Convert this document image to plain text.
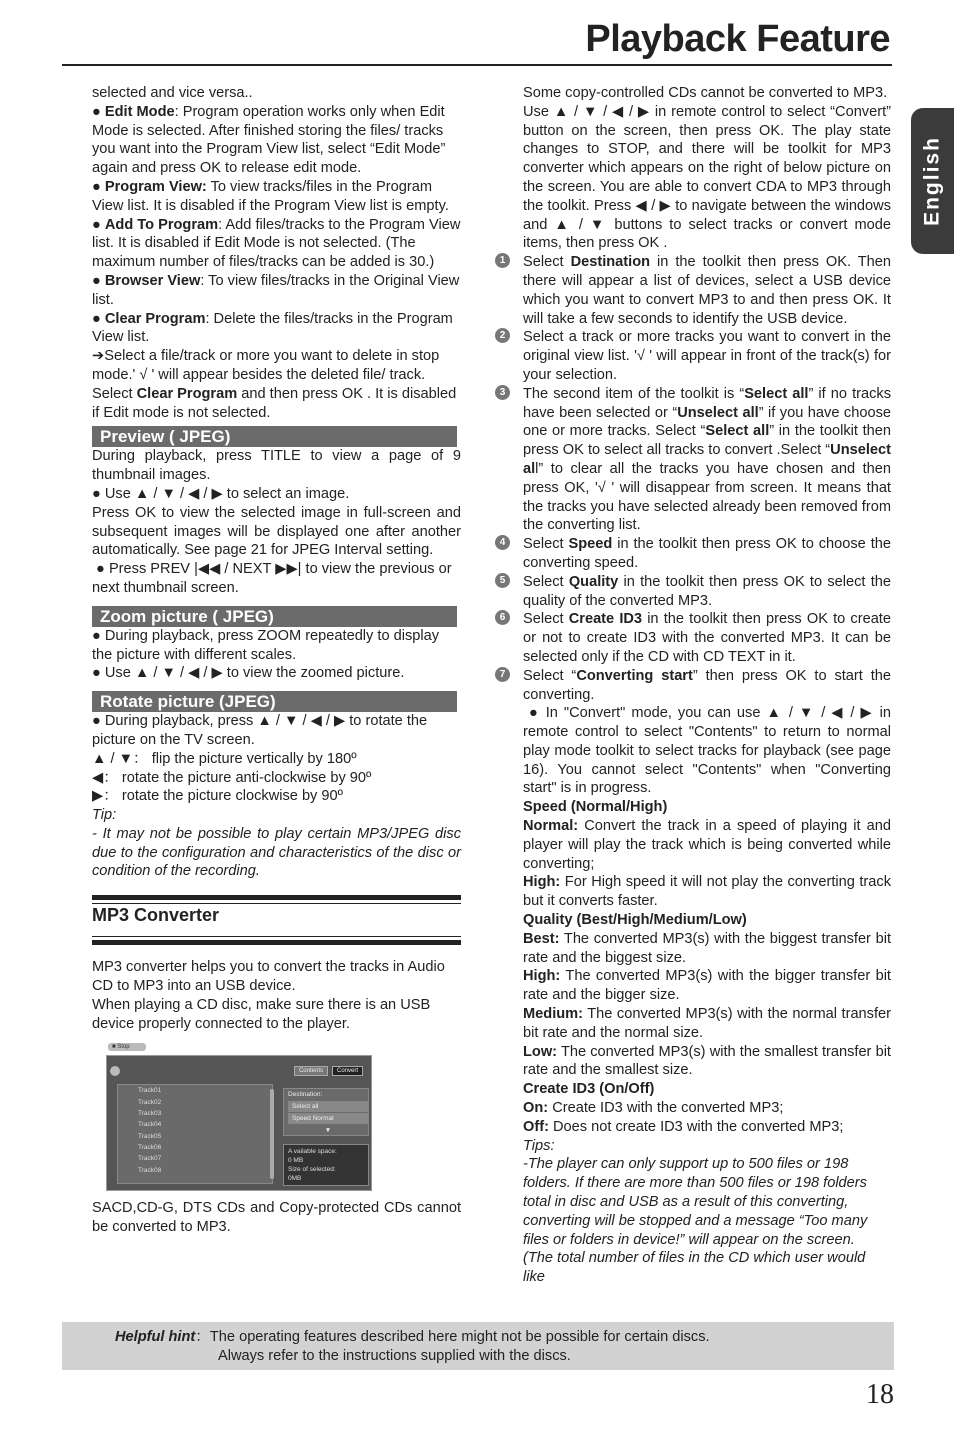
Playback Feature
English

selected and vice versa..

● Edit Mode: Program operation works only when Edit Mode is selected. After finished storing the files/ tracks you want into the Program View list, select “Edit Mode” again and press OK to release edit mode.

● Program View: To view tracks/files in the Program View list. It is disabled if the Program View list is empty.

● Add To Program: Add files/tracks to the Program View list. It is disabled if Edit Mode is not selected. (The maximum number of files/tracks can be added is 30.)

● Browser View: To view files/tracks in the Original View list.

● Clear Program: Delete the files/tracks in the Program View list.

➔Select a file/track or more you want to delete in stop mode.' √ ' will appear besides the deleted file/ track. Select Clear Program and then press OK . It is disabled if Edit mode is not selected.

Preview ( JPEG)

During playback, press TITLE to view a page of 9 thumbnail images.

● Use ▲ / ▼ / ◀ / ▶ to select an image.

Press OK to view the selected image in full-screen and subsequent images will be displayed one after another automatically. See page 21 for JPEG Interval setting.

● Press PREV |◀◀ / NEXT ▶▶| to view the previous or next thumbnail screen.

Zoom picture ( JPEG)

● During playback, press ZOOM repeatedly to display the picture with different scales.

● Use ▲ / ▼ / ◀ / ▶ to view the zoomed picture.

Rotate picture (JPEG)

● During playback, press ▲ / ▼ / ◀ / ▶ to rotate the picture on the TV screen.

▲ / ▼： flip the picture vertically by 180º

◀： rotate the picture anti-clockwise by 90º

▶： rotate the picture clockwise by 90º

Tip:

- It may not be possible to play certain MP3/JPEG disc due to the configuration and characteristics of the disc or condition of the recording.

MP3 Converter

MP3 converter helps you to convert the tracks in Audio CD to MP3 into an USB device.

When playing a CD disc, make sure there is an USB device properly connected to the player.

■ Stop
Contents Convert
Track01
Track02
Track03
Track04
Track05
Track06
Track07
Track08
Destination:
Select all
Speed Normal
▼
A vailable space:
0 MB
Size of selected:
0MB

SACD,CD-G, DTS CDs and Copy-protected CDs cannot be converted to MP3.

Some copy-controlled CDs cannot be converted to MP3.

Use ▲ / ▼ / ◀ / ▶ in remote control to select “Convert” button on the screen, then press OK. The play state changes to STOP, and there will be toolkit for MP3 converter which appears on the right of below picture on the screen. You are able to convert CDA to MP3 through the toolkit. Press ◀ / ▶ to navigate between the windows and ▲ / ▼ buttons to select tracks or convert mode items, then press OK .

1	Select Destination in the toolkit then press OK. Then there will appear a list of devices, select a USB device which you want to convert MP3 to and then press OK. It will take a few seconds to identify the USB device.

2	Select a track or more tracks you want to convert in the original view list. '√ ' will appear in front of the track(s) for your selection.

3	The second item of the toolkit is “Select all” if no tracks have been selected or “Unselect all” if you have choose one or more tracks. Select “Select all” in the toolkit then press OK to select all tracks to convert .Select “Unselect all” to clear all the tracks you have chosen and then press OK, '√ ' will disappear from screen. It means that the tracks you have selected already been removed from the converting list.

4	Select Speed in the toolkit then press OK to choose the converting speed.

5	Select Quality in the toolkit then press OK to select the quality of the converted MP3.

6	Select Create ID3 in the toolkit then press OK to create or not to create ID3 with the converted MP3. It can be selected only if the CD with CD TEXT in it.

7	Select “Converting start” then press OK to start the converting.

● In "Convert" mode, you can use ▲ / ▼ / ◀ / ▶ in remote control to select "Contents" to return to normal play mode toolkit to select tracks for playback (see page 16). You cannot select "Contents" when "Converting start" is in progress.

Speed (Normal/High)

Normal: Convert the track in a speed of playing it and player will play the track which is being converted while converting;

High: For High speed it will not play the converting track but it converts faster.

Quality (Best/High/Medium/Low)

Best: The converted MP3(s) with the biggest transfer bit rate and the biggest size.

High: The converted MP3(s) with the bigger transfer bit rate and the bigger size.

Medium: The converted MP3(s) with the normal transfer bit rate and the normal size.

Low: The converted MP3(s) with the smallest transfer bit rate and the smallest size.

Create ID3 (On/Off)

On: Create ID3 with the converted MP3;

Off: Does not create ID3 with the converted MP3;

Tips:

-The player can only support up to 500 files or 198 folders. If there are more than 500 files or 198 folders total in disc and USB as a result of this converting,

converting will be stopped and a message “Too many files or folders in device!” will appear on the screen.

(The total number of files in the CD which user would like

Helpful hint：The operating features described here might not be possible for certain discs.

Always refer to the instructions supplied with the discs.

18
